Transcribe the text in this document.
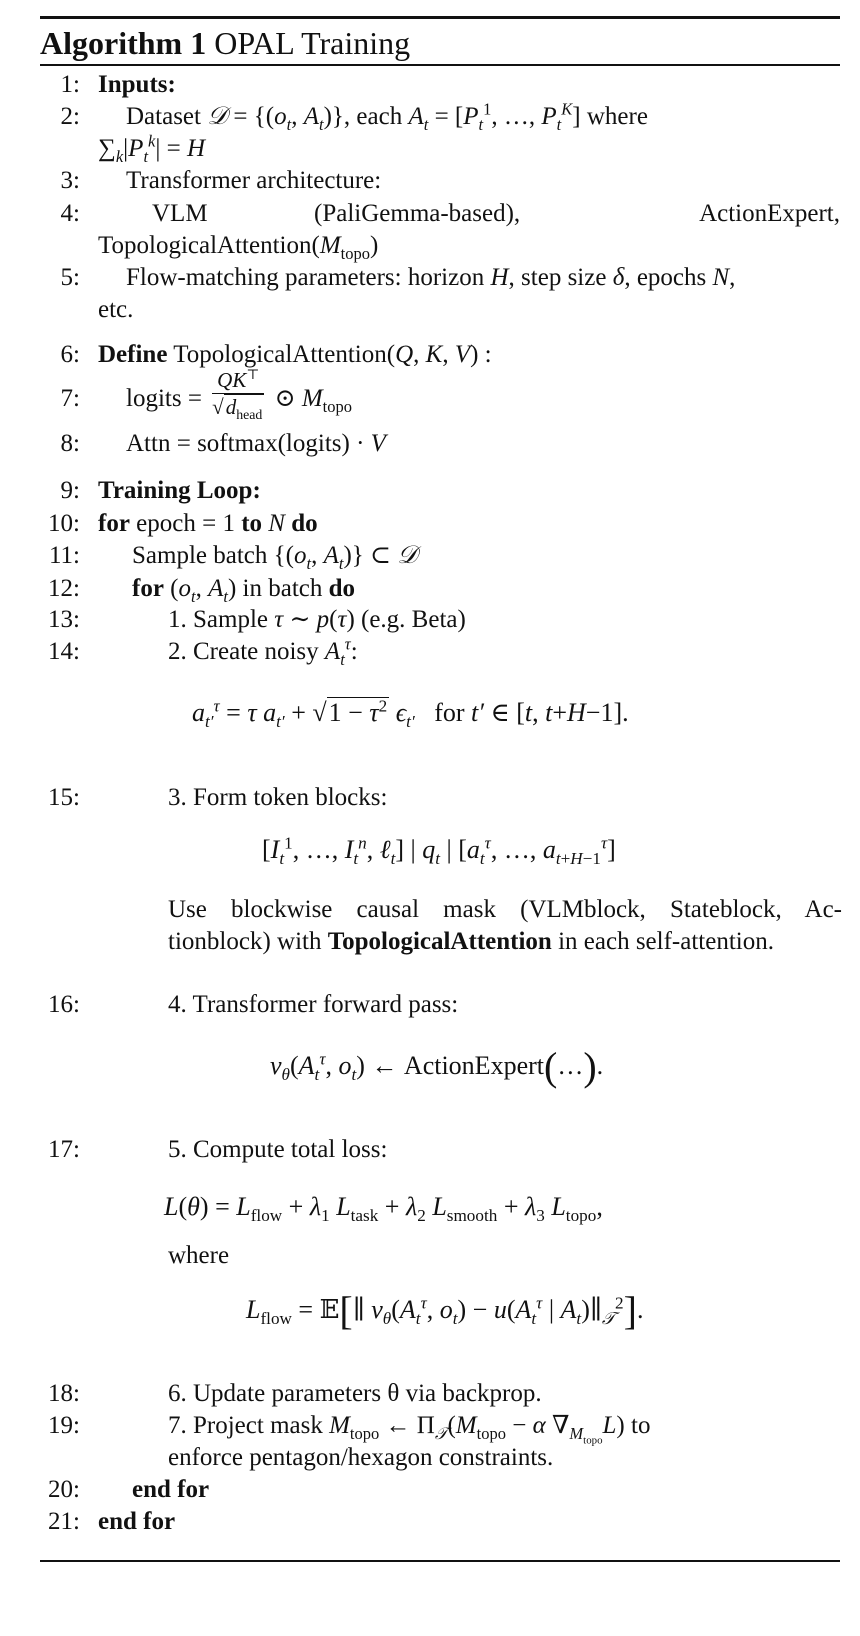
Algorithm 1 OPAL Training
1:
2:
3:
4:
5:
6:
7:
8:
9:
10:
11:
12:
13:
14:
15:
16:
17:
18:
19:
20:
21:
Inputs:
Dataset 𝒟 = {($o_t$, $A_t$)}, each $A_t = [P_t^1$, …, $P_t^K$] where
$\sum_k|P_t^k| = H$
Transformer architecture:
VLM	(PaliGemma-based),	ActionExpert,
$TopologicalAttention(M_{topo})$
Flow-matching parameters: horizon H, step size δ, epochs N,
etc.
Define TopologicalAttention(Q, K, V) :
logits = $\frac{QK^⊤}{√d_{head}}$ ⊙ $M_{topo}$
Attn = softmax(logits) · V
Training Loop:
for epoch = 1 to N do
Sample batch {($o_t$, $A_t$)} ⊂ 𝒟
for ($o_t$, $A_t$) in batch do
1. Sample τ ∼ p(τ) (e.g. Beta)
2. Create noisy $A_t^\tau$:
$a_{t'}^\tau = \tau$ $a_{t'} + √1 - \tau^2$ $\epsilon_{t'}$ for t′ ∈ [t, t+H−1].
3. Form token blocks:
[$I_t^1$, …, $I_t^n$, ℓ$_t$] | $q_t$ | [$a_t^\tau$, …, $a_{t+H-1}^\tau$]
Use blockwise causal mask (VLMblock, Stateblock, Ac-
tionblock) with TopologicalAttention in each self-attention.
4. Transformer forward pass:
$v_\theta(A_t^\tau$, $o_t$) ← ActionExpert(…).
5. Compute total loss:
$L(\theta) = L_{flow} + \lambda_1$ $L_{task} + \lambda_2$ $L_{smooth} + \lambda_3$ $L_{topo}$,
where
$L_{flow}$ = 𝔼[∥ $v_\theta(A_t^\tau$, $o_t) - u(A_t^\tau$ | $A_t)\parallel_𝒯^2$].
6. Update parameters θ via backprop.
7. Project mask $M_{topo}$ ← $\Pi_𝒯(M_{topo} - \alpha$ $\nabla_{M_{topo}}L$) to
enforce pentagon/hexagon constraints.
end for
end for
